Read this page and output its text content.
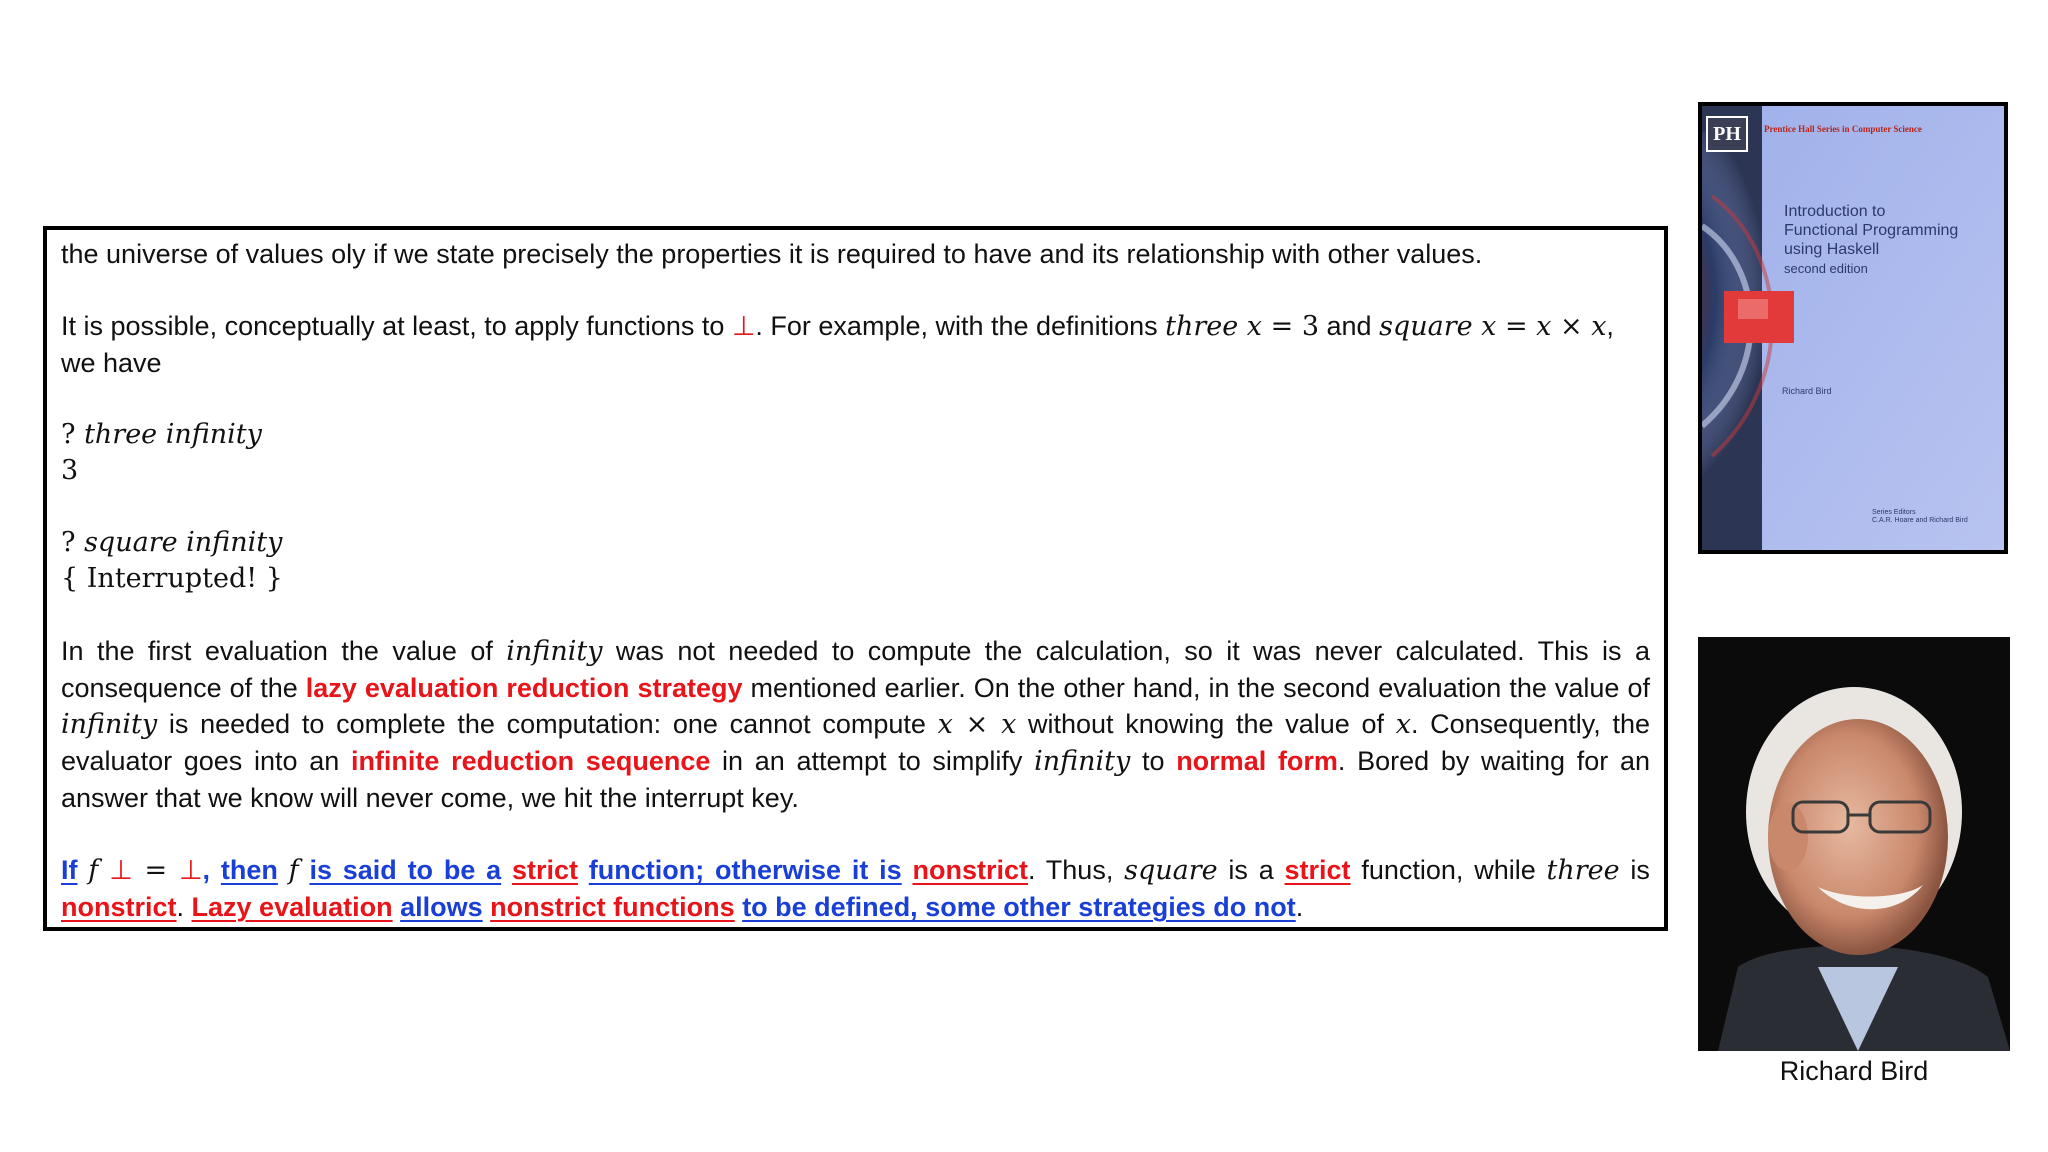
the universe of values oly if we state precisely the properties it is required to have and its relationship with other values.

It is possible, conceptually at least, to apply functions to ⊥. For example, with the definitions three x = 3 and square x = x × x, we have

? three infinity
3

? square infinity
{ Interrupted! }

In the first evaluation the value of infinity was not needed to compute the calculation, so it was never calculated. This is a consequence of the lazy evaluation reduction strategy mentioned earlier. On the other hand, in the second evaluation the value of infinity is needed to complete the computation: one cannot compute x × x without knowing the value of x. Consequently, the evaluator goes into an infinite reduction sequence in an attempt to simplify infinity to normal form. Bored by waiting for an answer that we know will never come, we hit the interrupt key.

If f ⊥ = ⊥, then f is said to be a strict function; otherwise it is nonstrict. Thus, square is a strict function, while three is nonstrict. Lazy evaluation allows nonstrict functions to be defined, some other strategies do not.

PH	Prentice Hall Series in Computer Science
Introduction to
Functional Programming
using Haskell
second edition
Richard Bird
Series Editors
C.A.R. Hoare and Richard Bird
Richard Bird
